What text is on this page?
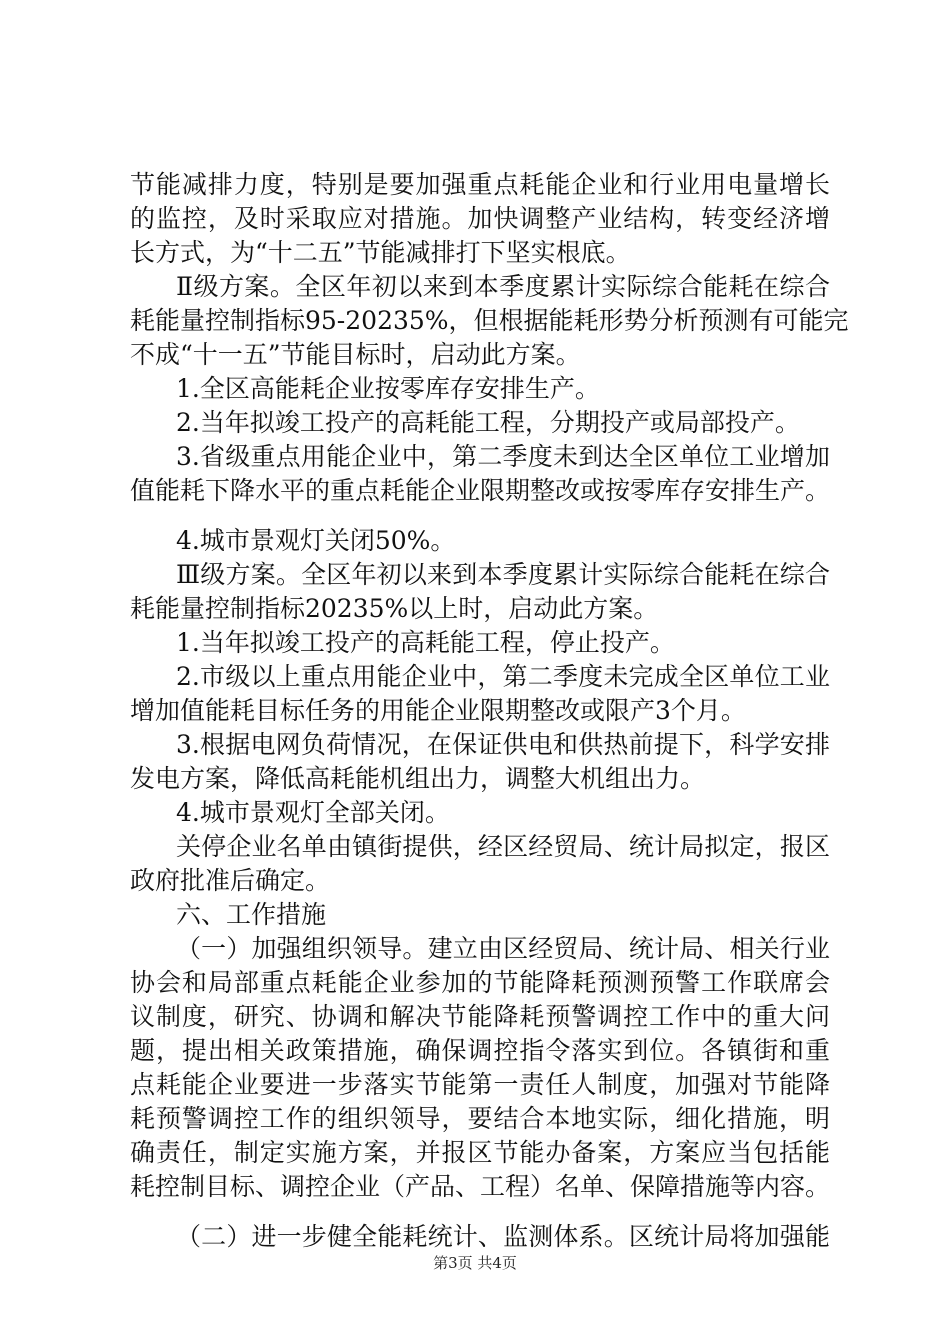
节能减排力度，特别是要加强重点耗能企业和行业用电量增长
的监控，及时采取应对措施。加快调整产业结构，转变经济增
长方式，为“十二五”节能减排打下坚实根底。
Ⅱ级方案。全区年初以来到本季度累计实际综合能耗在综合
耗能量控制指标95-20235%，但根据能耗形势分析预测有可能完
不成“十一五”节能目标时，启动此方案。
1.全区高能耗企业按零库存安排生产。
2.当年拟竣工投产的高耗能工程，分期投产或局部投产。
3.省级重点用能企业中，第二季度未到达全区单位工业增加
值能耗下降水平的重点耗能企业限期整改或按零库存安排生产。
4.城市景观灯关闭50%。
Ⅲ级方案。全区年初以来到本季度累计实际综合能耗在综合
耗能量控制指标20235%以上时，启动此方案。
1.当年拟竣工投产的高耗能工程，停止投产。
2.市级以上重点用能企业中，第二季度未完成全区单位工业
增加值能耗目标任务的用能企业限期整改或限产3个月。
3.根据电网负荷情况，在保证供电和供热前提下，科学安排
发电方案，降低高耗能机组出力，调整大机组出力。
4.城市景观灯全部关闭。
关停企业名单由镇街提供，经区经贸局、统计局拟定，报区
政府批准后确定。
六、工作措施
（一）加强组织领导。建立由区经贸局、统计局、相关行业
协会和局部重点耗能企业参加的节能降耗预测预警工作联席会
议制度，研究、协调和解决节能降耗预警调控工作中的重大问
题，提出相关政策措施，确保调控指令落实到位。各镇街和重
点耗能企业要进一步落实节能第一责任人制度，加强对节能降
耗预警调控工作的组织领导，要结合本地实际，细化措施，明
确责任，制定实施方案，并报区节能办备案，方案应当包括能
耗控制目标、调控企业（产品、工程）名单、保障措施等内容。
（二）进一步健全能耗统计、监测体系。区统计局将加强能
第3页 共4页
